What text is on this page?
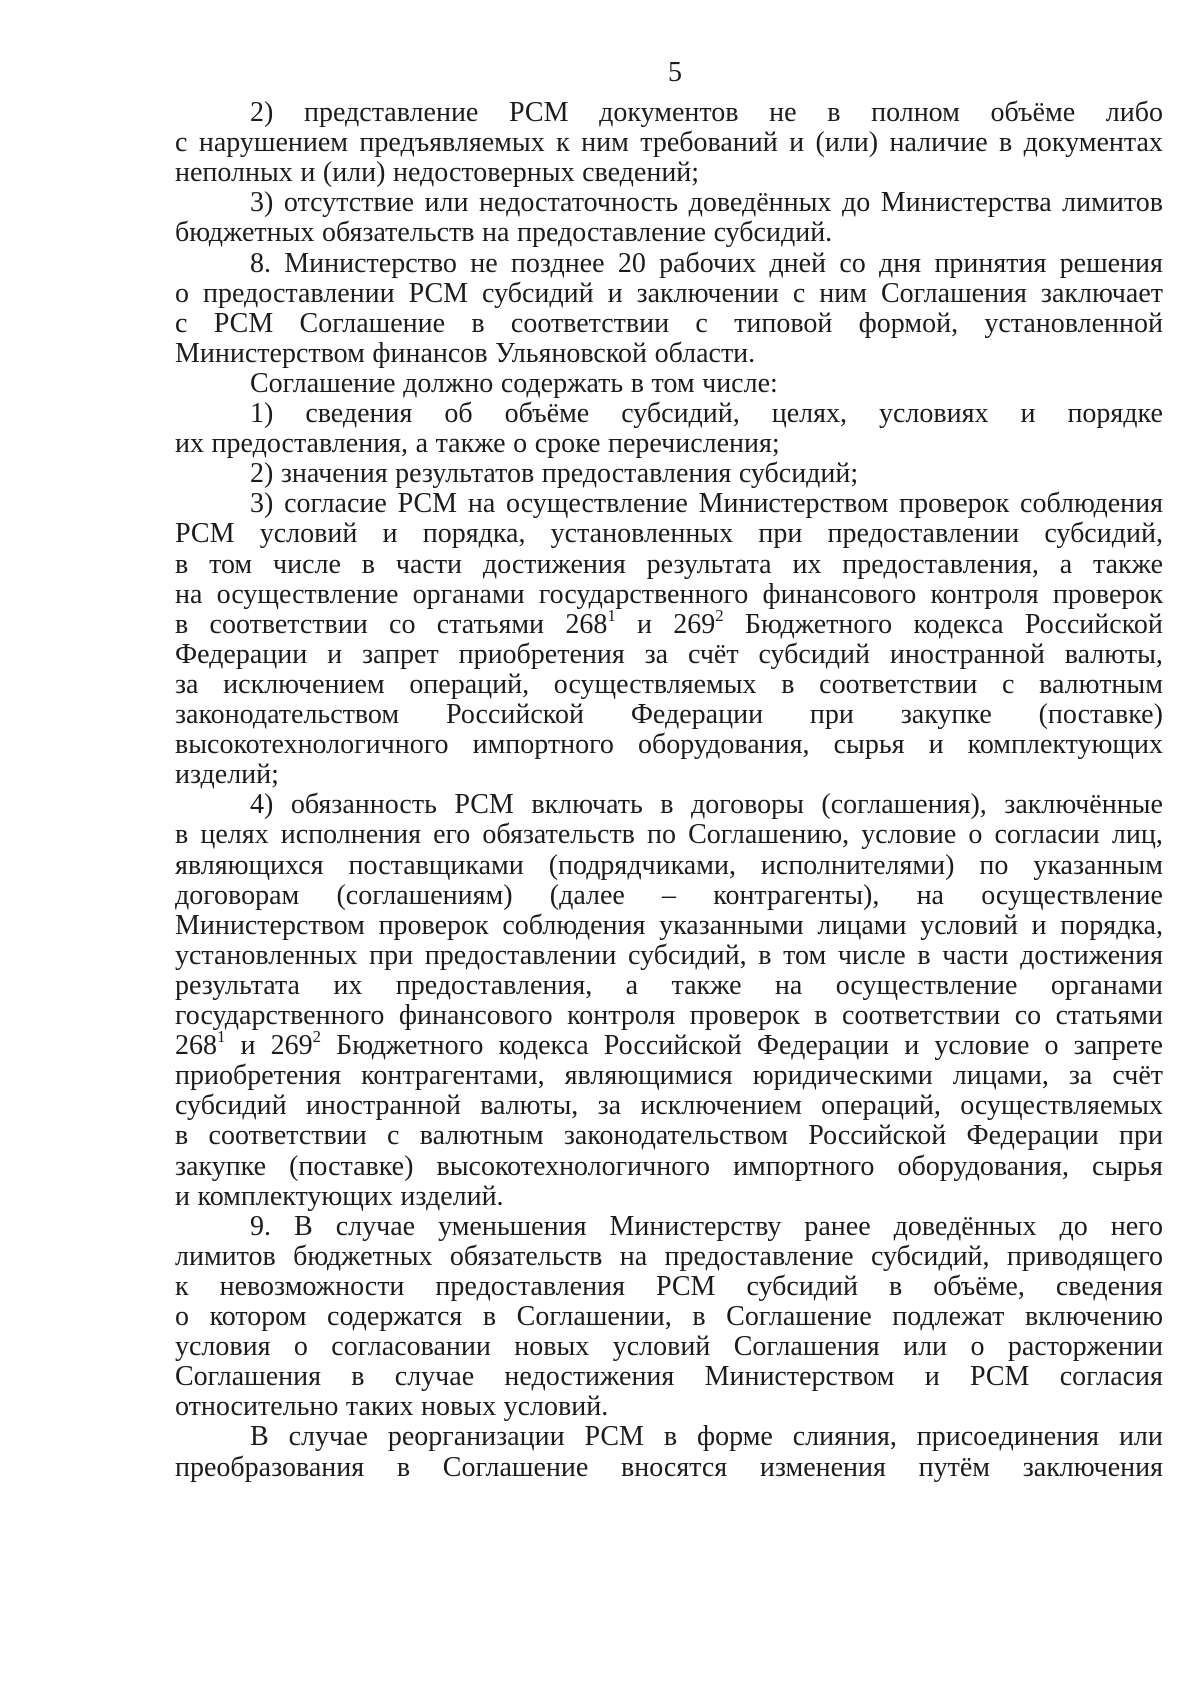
5
2) представление РСМ документов не в полном объёме либо
с нарушением предъявляемых к ним требований и (или) наличие в документах
неполных и (или) недостоверных сведений;
3) отсутствие или недостаточность доведённых до Министерства лимитов
бюджетных обязательств на предоставление субсидий.
8. Министерство не позднее 20 рабочих дней со дня принятия решения
о предоставлении РСМ субсидий и заключении с ним Соглашения заключает
с РСМ Соглашение в соответствии с типовой формой, установленной
Министерством финансов Ульяновской области.
Соглашение должно содержать в том числе:
1) сведения об объёме субсидий, целях, условиях и порядке
их предоставления, а также о сроке перечисления;
2) значения результатов предоставления субсидий;
3) согласие РСМ на осуществление Министерством проверок соблюдения
РСМ условий и порядка, установленных при предоставлении субсидий,
в том числе в части достижения результата их предоставления, а также
на осуществление органами государственного финансового контроля проверок
в соответствии со статьями $268^1$ и $269^2$ Бюджетного кодекса Российской
Федерации и запрет приобретения за счёт субсидий иностранной валюты,
за исключением операций, осуществляемых в соответствии с валютным
законодательством Российской Федерации при закупке (поставке)
высокотехнологичного импортного оборудования, сырья и комплектующих
изделий;
4) обязанность РСМ включать в договоры (соглашения), заключённые
в целях исполнения его обязательств по Соглашению, условие о согласии лиц,
являющихся поставщиками (подрядчиками, исполнителями) по указанным
договорам (соглашениям) (далее – контрагенты), на осуществление
Министерством проверок соблюдения указанными лицами условий и порядка,
установленных при предоставлении субсидий, в том числе в части достижения
результата их предоставления, а также на осуществление органами
государственного финансового контроля проверок в соответствии со статьями
$268^1$ и $269^2$ Бюджетного кодекса Российской Федерации и условие о запрете
приобретения контрагентами, являющимися юридическими лицами, за счёт
субсидий иностранной валюты, за исключением операций, осуществляемых
в соответствии с валютным законодательством Российской Федерации при
закупке (поставке) высокотехнологичного импортного оборудования, сырья
и комплектующих изделий.
9. В случае уменьшения Министерству ранее доведённых до него
лимитов бюджетных обязательств на предоставление субсидий, приводящего
к невозможности предоставления РСМ субсидий в объёме, сведения
о котором содержатся в Соглашении, в Соглашение подлежат включению
условия о согласовании новых условий Соглашения или о расторжении
Соглашения в случае недостижения Министерством и РСМ согласия
относительно таких новых условий.
В случае реорганизации РСМ в форме слияния, присоединения или
преобразования в Соглашение вносятся изменения путём заключения
